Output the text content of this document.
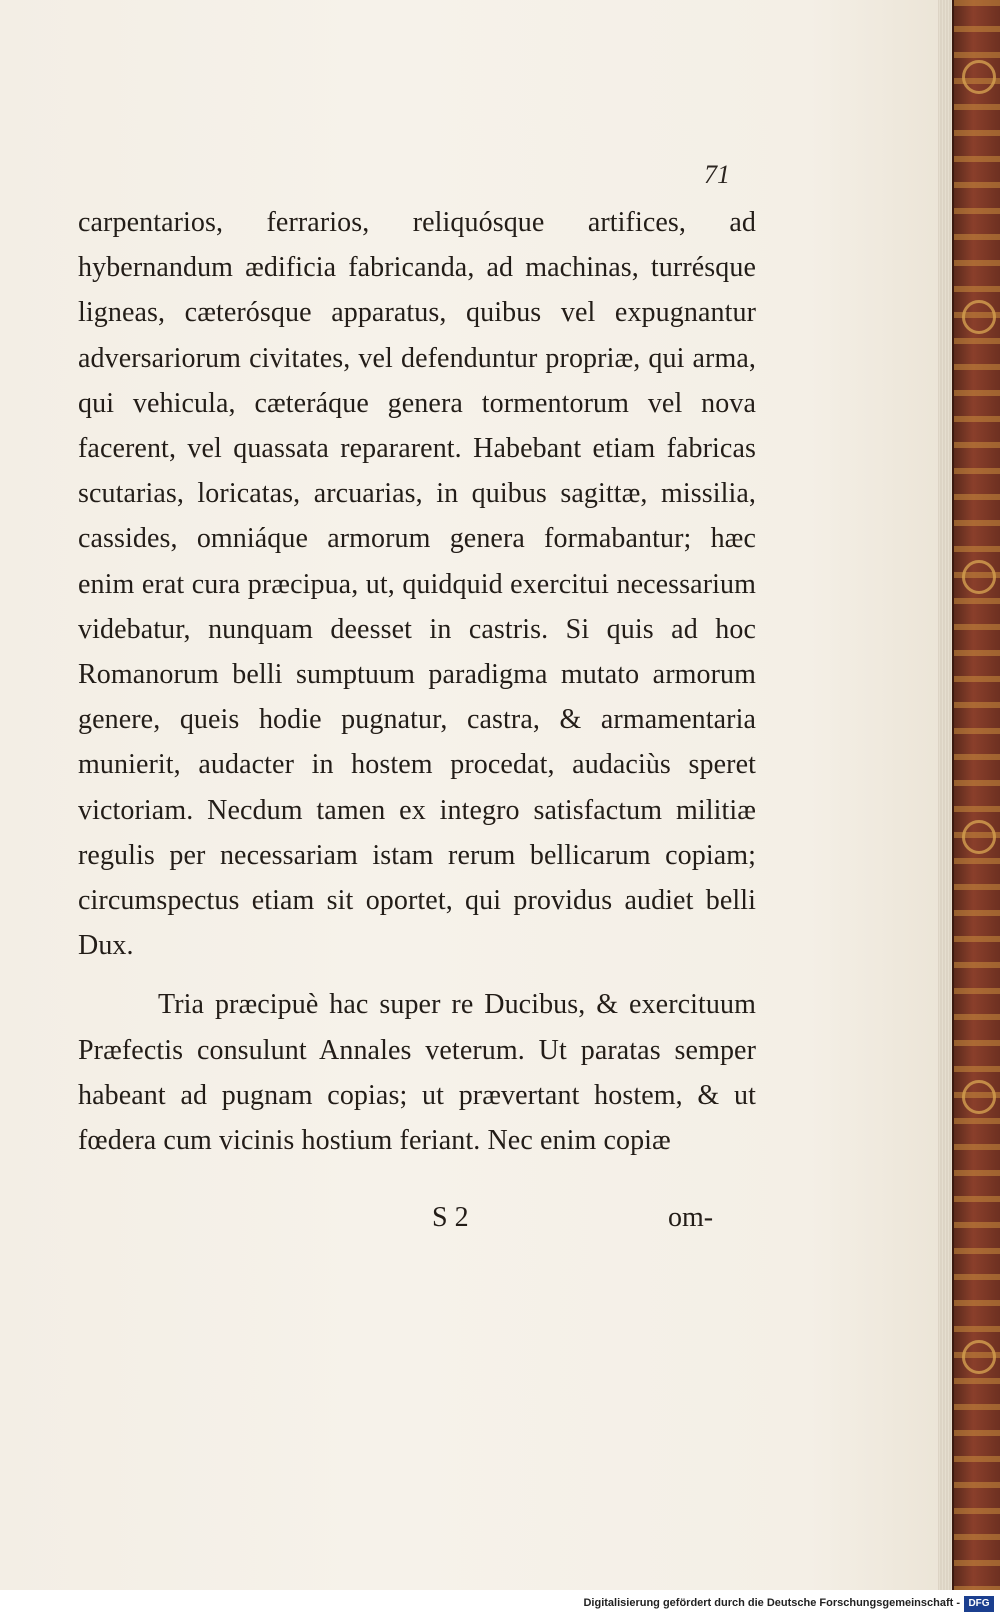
71

carpentarios, ferrarios, reliquósque artifices, ad hybernandum ædificia fabricanda, ad machinas, turrésque ligneas, cæterósque apparatus, quibus vel expugnantur adversariorum civitates, vel defenduntur propriæ, qui arma, qui vehicula, cæteráque genera tormentorum vel nova facerent, vel quassata repararent. Habebant etiam fabricas scutarias, loricatas, arcuarias, in quibus sagittæ, missilia, cassides, omniáque armorum genera formabantur; hæc enim erat cura præcipua, ut, quidquid exercitui necessarium videbatur, nunquam deesset in castris. Si quis ad hoc Romanorum belli sumptuum paradigma mutato armorum genere, queis hodie pugnatur, castra, & armamentaria munierit, audacter in hostem procedat, audaciùs speret victoriam. Necdum tamen ex integro satisfactum militiæ regulis per necessariam istam rerum bellicarum copiam; circumspectus etiam sit oportet, qui providus audiet belli Dux.

Tria præcipuè hac super re Ducibus, & exercituum Præfectis consulunt Annales veterum. Ut paratas semper habeant ad pugnam copias; ut prævertant hostem, & ut fœdera cum vicinis hostium feriant. Nec enim copiæ

S 2	om-
Digitalisierung gefördert durch die Deutsche Forschungsgemeinschaft - DFG
